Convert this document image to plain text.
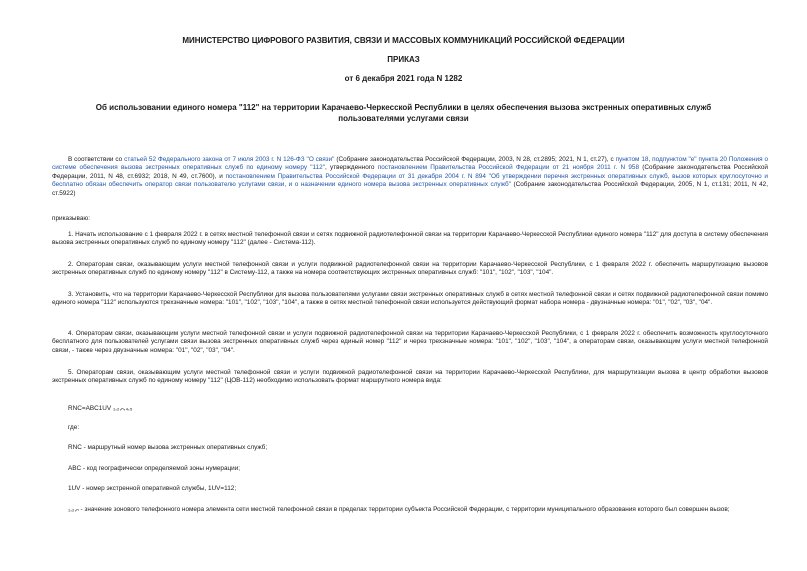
МИНИСТЕРСТВО ЦИФРОВОГО РАЗВИТИЯ, СВЯЗИ И МАССОВЫХ КОММУНИКАЦИЙ РОССИЙСКОЙ ФЕДЕРАЦИИ
ПРИКАЗ
от 6 декабря 2021 года N 1282
Об использовании единого номера "112" на территории Карачаево-Черкесской Республики в целях обеспечения вызова экстренных оперативных служб пользователями услугами связи

В соответствии со статьей 52 Федерального закона от 7 июля 2003 г. N 126-ФЗ "О связи" (Собрание законодательства Российской Федерации, 2003, N 28, ст.2895; 2021, N 1, ст.27), с пунктом 18, подпунктом "е" пункта 20 Положения о системе обеспечения вызова экстренных оперативных служб по единому номеру "112", утвержденного постановлением Правительства Российской Федерации от 21 ноября 2011 г. N 958 (Собрание законодательства Российской Федерации, 2011, N 48, ст.6932; 2018, N 49, ст.7600), и постановлением Правительства Российской Федерации от 31 декабря 2004 г. N 894 "Об утверждении перечня экстренных оперативных служб, вызов которых круглосуточно и бесплатно обязан обеспечить оператор связи пользователю услугами связи, и о назначении единого номера вызова экстренных оперативных служб" (Собрание законодательства Российской Федерации, 2005, N 1, ст.131; 2011, N 42, ст.5922)

приказываю:

1. Начать использование с 1 февраля 2022 г. в сетях местной телефонной связи и сетях подвижной радиотелефонной связи на территории Карачаево-Черкесской Республики единого номера "112" для доступа в систему обеспечения вызова экстренных оперативных служб по единому номеру "112" (далее - Система-112).

2. Операторам связи, оказывающим услуги местной телефонной связи и услуги подвижной радиотелефонной связи на территории Карачаево-Черкесской Республики, с 1 февраля 2022 г. обеспечить маршрутизацию вызовов экстренных оперативных служб по единому номеру "112" в Систему-112, а также на номера соответствующих экстренных оперативных служб: "101", "102", "103", "104".

3. Установить, что на территории Карачаево-Черкесской Республики для вызова пользователями услугами связи экстренных оперативных служб в сетях местной телефонной связи и сетях подвижной радиотелефонной связи помимо единого номера "112" используются трехзначные номера: "101", "102", "103", "104", а также в сетях местной телефонной связи используется действующий формат набора номера - двузначные номера: "01", "02", "03", "04".

4. Операторам связи, оказывающим услуги местной телефонной связи и услуги подвижной радиотелефонной связи на территории Карачаево-Черкесской Республики, с 1 февраля 2022 г. обеспечить возможность круглосуточного бесплатного для пользователей услугами связи вызова экстренных оперативных служб через единый номер "112" и через трехзначные номера: "101", "102", "103", "104", а операторам связи, оказывающим услуги местной телефонной связи, - также через двузначные номера: "01", "02", "03", "04".

5. Операторам связи, оказывающим услуги местной телефонной связи и услуги подвижной радиотелефонной связи на территории Карачаево-Черкесской Республики, для маршрутизации вызова в центр обработки вызовов экстренных оперативных служб по единому номеру "112" (ЦОВ-112) необходимо использовать формат маршрутного номера вида:

RNC=ABC1UV ₁,₂,ₙ,₄,₅

где:

RNC - маршрутный номер вызова экстренных оперативных служб;

ABC - код географически определяемой зоны нумерации;

1UV - номер экстренной оперативной службы, 1UV=112;

₁,₂,ₙ - значение зонового телефонного номера элемента сети местной телефонной связи в пределах территории субъекта Российской Федерации, с территории муниципального образования которого был совершен вызов;
